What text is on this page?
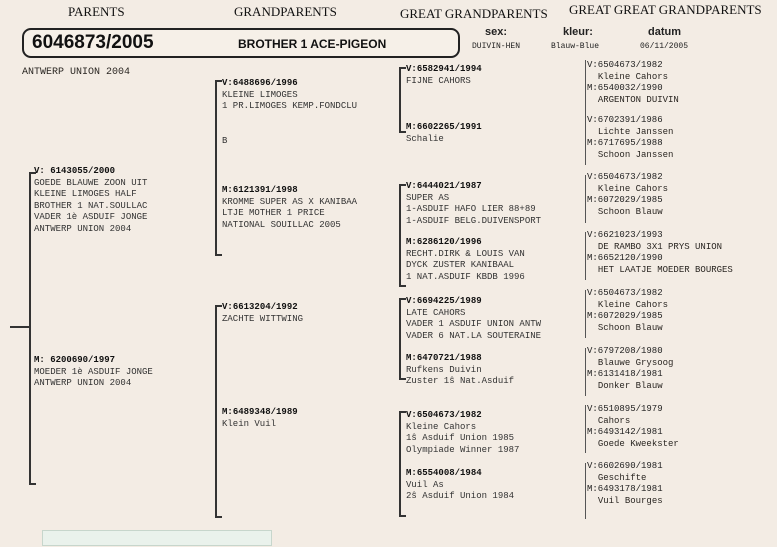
PARENTS	GRANDPARENTS	GREAT GRANDPARENTS GREAT GREAT GRANDPARENTS
6046873/2005	BROTHER 1 ACE-PIGEON
sex:
DUIVIN-HEN
kleur:
Blauw-Blue
datum
06/11/2005
ANTWERP UNION 2004
V: 6143055/2000
GOEDE BLAUWE ZOON UIT
KLEINE LIMOGES HALF
BROTHER 1 NAT.SOULLAC
VADER 1è ASDUIF JONGE
ANTWERP UNION 2004
M: 6200690/1997
MOEDER 1è ASDUIF JONGE
ANTWERP UNION 2004
V:6488696/1996
KLEINE LIMOGES
1 PR.LIMOGES KEMP.FONDCLU

B
M:6121391/1998
KROMME SUPER AS X KANIBAA
LTJE MOTHER 1 PRICE
NATIONAL SOUILLAC 2005
V:6613204/1992
ZACHTE WITTWING
M:6489348/1989
Klein Vuil
V:6582941/1994
FIJNE CAHORS
M:6602265/1991
Schalie
V:6444021/1987
SUPER AS
1-ASDUIF HAFO LIER 88+89
1-ASDUIF BELG.DUIVENSPORT
M:6286120/1996
RECHT.DIRK & LOUIS VAN
DYCK ZUSTER KANIBAAL
1 NAT.ASDUIF KBDB 1996
V:6694225/1989
LATE CAHORS
VADER 1 ASDUIF UNION ANTW
VADER 6 NAT.LA SOUTERAINE
M:6470721/1988
Rufkens Duivin
Zuster 1ŝ Nat.Asduif
V:6504673/1982
Kleine Cahors
1ŝ Asduif Union 1985
Olympiade Winner 1987
M:6554008/1984
Vuil As
2ŝ Asduif Union 1984
V:6504673/1982
Kleine Cahors
M:6540032/1990
ARGENTON DUIVIN
V:6702391/1986
Lichte Janssen
M:6717695/1988
Schoon Janssen
V:6504673/1982
Kleine Cahors
M:6072029/1985
Schoon Blauw
V:6621023/1993
DE RAMBO 3X1 PRYS UNION
M:6652120/1990
HET LAATJE MOEDER BOURGES
V:6504673/1982
Kleine Cahors
M:6072029/1985
Schoon Blauw
V:6797208/1980
Blauwe Grysoog
M:6131418/1981
Donker Blauw
V:6510895/1979
Cahors
M:6493142/1981
Goede Kweekster
V:6602690/1981
Geschifte
M:6493178/1981
Vuil Bourges
